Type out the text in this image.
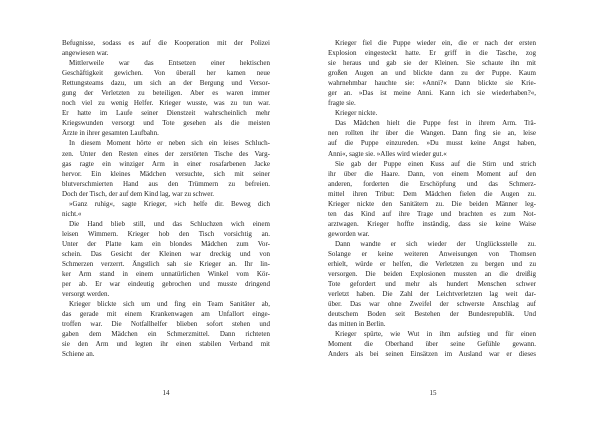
Befugnisse, sodass es auf die Kooperation mit der Polizei
angewiesen war.
Mittlerweile war das Entsetzen einer hektischen
Geschäftigkeit gewichen. Von überall her kamen neue
Rettungsteams dazu, um sich an der Bergung und Versor-
gung der Verletzten zu beteiligen. Aber es waren immer
noch viel zu wenig Helfer. Krieger wusste, was zu tun war.
Er hatte im Laufe seiner Dienstzeit wahrscheinlich mehr
Kriegswunden versorgt und Tote gesehen als die meisten
Ärzte in ihrer gesamten Laufbahn.
In diesem Moment hörte er neben sich ein leises Schluch-
zen. Unter den Resten eines der zerstörten Tische des Varg-
gas ragte ein winziger Arm in einer rosafarbenen Jacke
hervor. Ein kleines Mädchen versuchte, sich mit seiner
blutverschmierten Hand aus den Trümmern zu befreien.
Doch der Tisch, der auf dem Kind lag, war zu schwer.
»Ganz ruhig«, sagte Krieger, »ich helfe dir. Beweg dich
nicht.«
Die Hand blieb still, und das Schluchzen wich einem
leisen Wimmern. Krieger hob den Tisch vorsichtig an.
Unter der Platte kam ein blondes Mädchen zum Vor-
schein. Das Gesicht der Kleinen war dreckig und von
Schmerzen verzerrt. Ängstlich sah sie Krieger an. Ihr lin-
ker Arm stand in einem unnatürlichen Winkel vom Kör-
per ab. Er war eindeutig gebrochen und musste dringend
versorgt werden.
Krieger blickte sich um und fing ein Team Sanitäter ab,
das gerade mit einem Krankenwagen am Unfallort einge-
troffen war. Die Notfallhelfer blieben sofort stehen und
gaben dem Mädchen ein Schmerzmittel. Dann richteten
sie den Arm und legten ihr einen stabilen Verband mit
Schiene an.
14
Krieger fiel die Puppe wieder ein, die er nach der ersten
Explosion eingesteckt hatte. Er griff in die Tasche, zog
sie heraus und gab sie der Kleinen. Sie schaute ihn mit
großen Augen an und blickte dann zu der Puppe. Kaum
wahrnehmbar hauchte sie: »Anni?« Dann blickte sie Krie-
ger an. »Das ist meine Anni. Kann ich sie wiederhaben?«,
fragte sie.
Krieger nickte.
Das Mädchen hielt die Puppe fest in ihrem Arm. Trä-
nen rollten ihr über die Wangen. Dann fing sie an, leise
auf die Puppe einzureden. »Du musst keine Angst haben,
Anni«, sagte sie. »Alles wird wieder gut.«
Sie gab der Puppe einen Kuss auf die Stirn und strich
ihr über die Haare. Dann, von einem Moment auf den
anderen, forderten die Erschöpfung und das Schmerz-
mittel ihren Tribut: Dem Mädchen fielen die Augen zu.
Krieger nickte den Sanitätern zu. Die beiden Männer leg-
ten das Kind auf ihre Trage und brachten es zum Not-
arztwagen. Krieger hoffte inständig, dass sie keine Waise
geworden war.
Dann wandte er sich wieder der Unglücksstelle zu.
Solange er keine weiteren Anweisungen von Thomsen
erhielt, würde er helfen, die Verletzten zu bergen und zu
versorgen. Die beiden Explosionen mussten an die dreißig
Tote gefordert und mehr als hundert Menschen schwer
verletzt haben. Die Zahl der Leichtverletzten lag weit dar-
über. Das war ohne Zweifel der schwerste Anschlag auf
deutschem Boden seit Bestehen der Bundesrepublik. Und
das mitten in Berlin.
Krieger spürte, wie Wut in ihm aufstieg und für einen
Moment die Oberhand über seine Gefühle gewann.
Anders als bei seinen Einsätzen im Ausland war er dieses
15
